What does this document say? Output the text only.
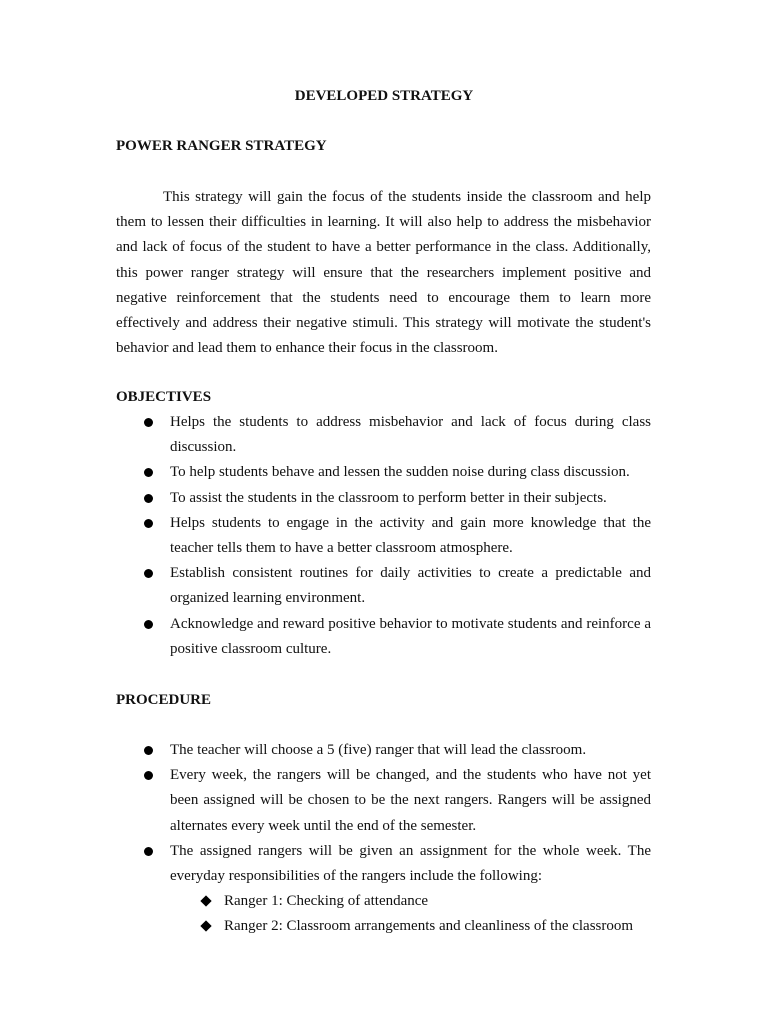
DEVELOPED STRATEGY
POWER RANGER STRATEGY

This strategy will gain the focus of the students inside the classroom and help them to lessen their difficulties in learning. It will also help to address the misbehavior and lack of focus of the student to have a better performance in the class. Additionally, this power ranger strategy will ensure that the researchers implement positive and negative reinforcement that the students need to encourage them to learn more effectively and address their negative stimuli. This strategy will motivate the student's behavior and lead them to enhance their focus in the classroom.

OBJECTIVES
Helps the students to address misbehavior and lack of focus during class discussion.
To help students behave and lessen the sudden noise during class discussion.
To assist the students in the classroom to perform better in their subjects.
Helps students to engage in the activity and gain more knowledge that the teacher tells them to have a better classroom atmosphere.
Establish consistent routines for daily activities to create a predictable and organized learning environment.
Acknowledge and reward positive behavior to motivate students and reinforce a positive classroom culture.
PROCEDURE
The teacher will choose a 5 (five) ranger that will lead the classroom.
Every week, the rangers will be changed, and the students who have not yet been assigned will be chosen to be the next rangers. Rangers will be assigned alternates every week until the end of the semester.
The assigned rangers will be given an assignment for the whole week. The everyday responsibilities of the rangers include the following:
Ranger 1: Checking of attendance
Ranger 2: Classroom arrangements and cleanliness of the classroom
